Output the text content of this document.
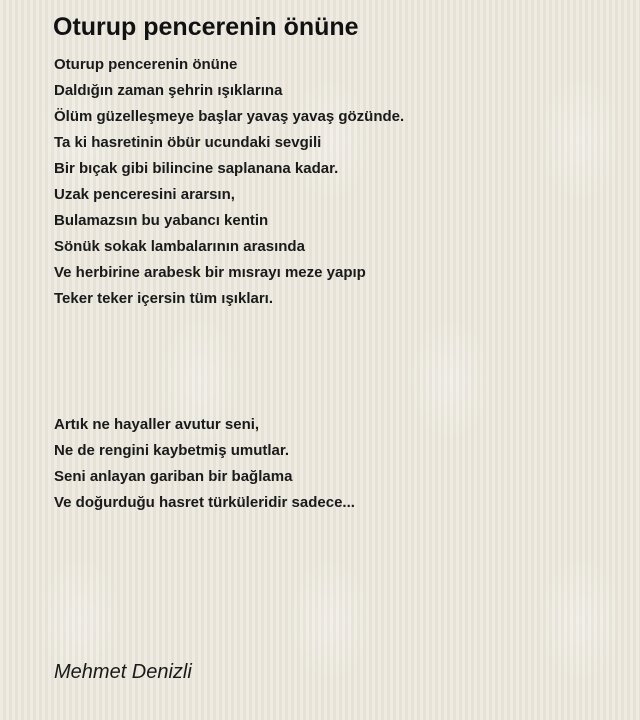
Oturup pencerenin önüne
Oturup pencerenin önüne
Daldığın zaman şehrin ışıklarına
Ölüm güzelleşmeye başlar yavaş yavaş gözünde.
Ta ki hasretinin öbür ucundaki sevgili
Bir bıçak gibi bilincine saplanana kadar.
Uzak penceresini ararsın,
Bulamazsın bu yabancı kentin
Sönük sokak lambalarının arasında
Ve herbirine arabesk bir mısrayı meze yapıp
Teker teker içersin tüm ışıkları.
Artık ne hayaller avutur seni,
Ne de rengini kaybetmiş umutlar.
Seni anlayan gariban bir bağlama
Ve doğurduğu hasret türküleridir sadece...

Mehmet Denizli
